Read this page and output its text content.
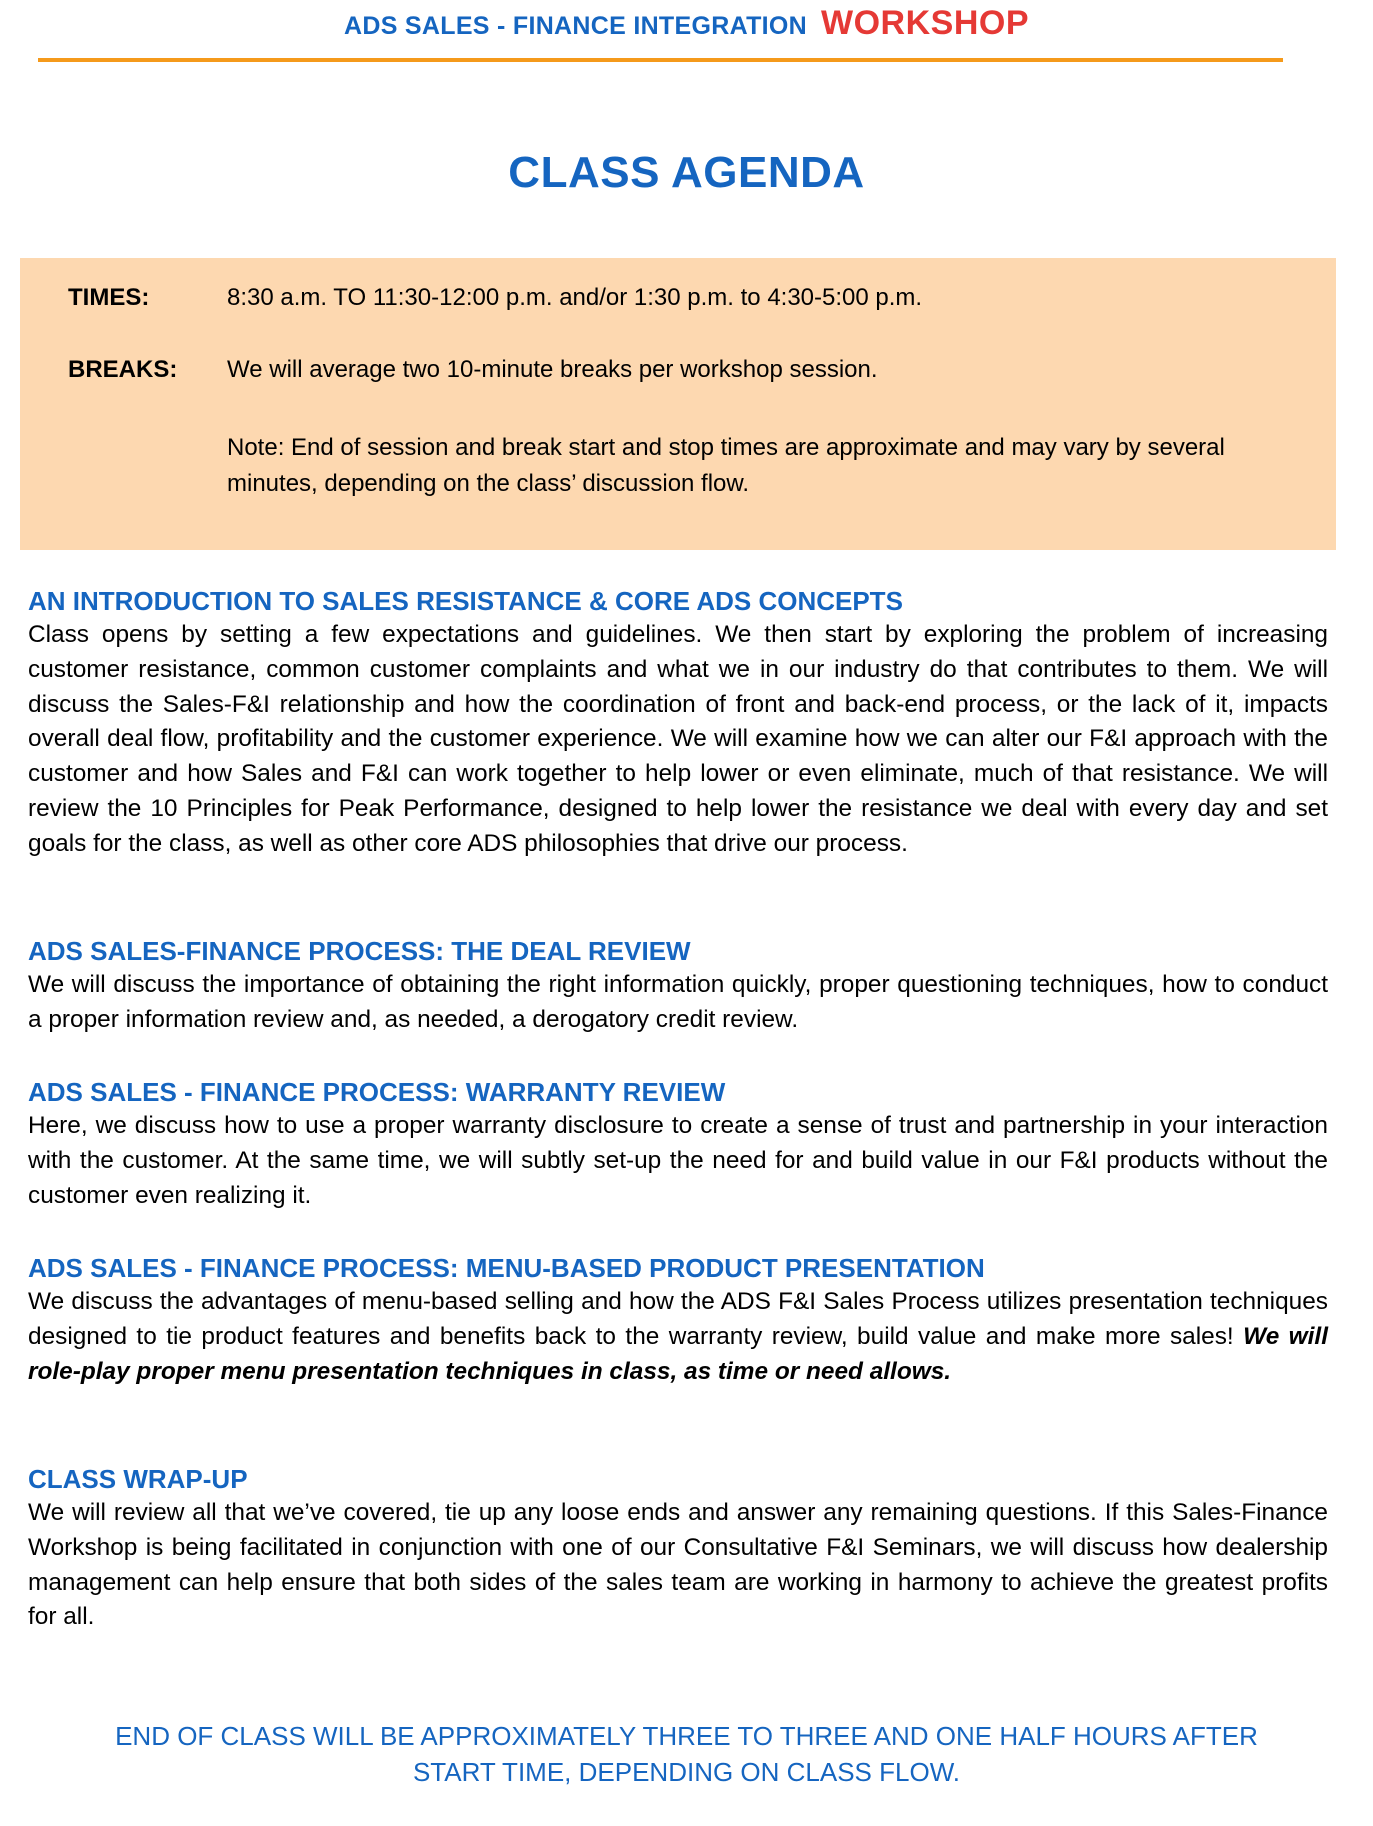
ADS SALES - FINANCE INTEGRATION WORKSHOP
CLASS AGENDA
TIMES:	8:30 a.m. TO 11:30-12:00 p.m. and/or 1:30 p.m. to 4:30-5:00 p.m.
BREAKS: We will average two 10-minute breaks per workshop session.
Note: End of session and break start and stop times are approximate and may vary by several minutes, depending on the class’ discussion flow.

AN INTRODUCTION TO SALES RESISTANCE & CORE ADS CONCEPTS

Class opens by setting a few expectations and guidelines. We then start by exploring the problem of increasing customer resistance, common customer complaints and what we in our industry do that contributes to them. We will discuss the Sales-F&I relationship and how the coordination of front and back-end process, or the lack of it, impacts overall deal flow, profitability and the customer experience. We will examine how we can alter our F&I approach with the customer and how Sales and F&I can work together to help lower or even eliminate, much of that resistance. We will review the 10 Principles for Peak Performance, designed to help lower the resistance we deal with every day and set goals for the class, as well as other core ADS philosophies that drive our process.

ADS SALES-FINANCE PROCESS: THE DEAL REVIEW

We will discuss the importance of obtaining the right information quickly, proper questioning techniques, how to conduct a proper information review and, as needed, a derogatory credit review.

ADS SALES - FINANCE PROCESS: WARRANTY REVIEW

Here, we discuss how to use a proper warranty disclosure to create a sense of trust and partnership in your interaction with the customer. At the same time, we will subtly set-up the need for and build value in our F&I products without the customer even realizing it.

ADS SALES - FINANCE PROCESS: MENU-BASED PRODUCT PRESENTATION

We discuss the advantages of menu-based selling and how the ADS F&I Sales Process utilizes presentation techniques designed to tie product features and benefits back to the warranty review, build value and make more sales! We will role-play proper menu presentation techniques in class, as time or need allows.

CLASS WRAP-UP

We will review all that we’ve covered, tie up any loose ends and answer any remaining questions. If this Sales-Finance Workshop is being facilitated in conjunction with one of our Consultative F&I Seminars, we will discuss how dealership management can help ensure that both sides of the sales team are working in harmony to achieve the greatest profits for all.

END OF CLASS WILL BE APPROXIMATELY THREE TO THREE AND ONE HALF HOURS AFTER
START TIME, DEPENDING ON CLASS FLOW.
